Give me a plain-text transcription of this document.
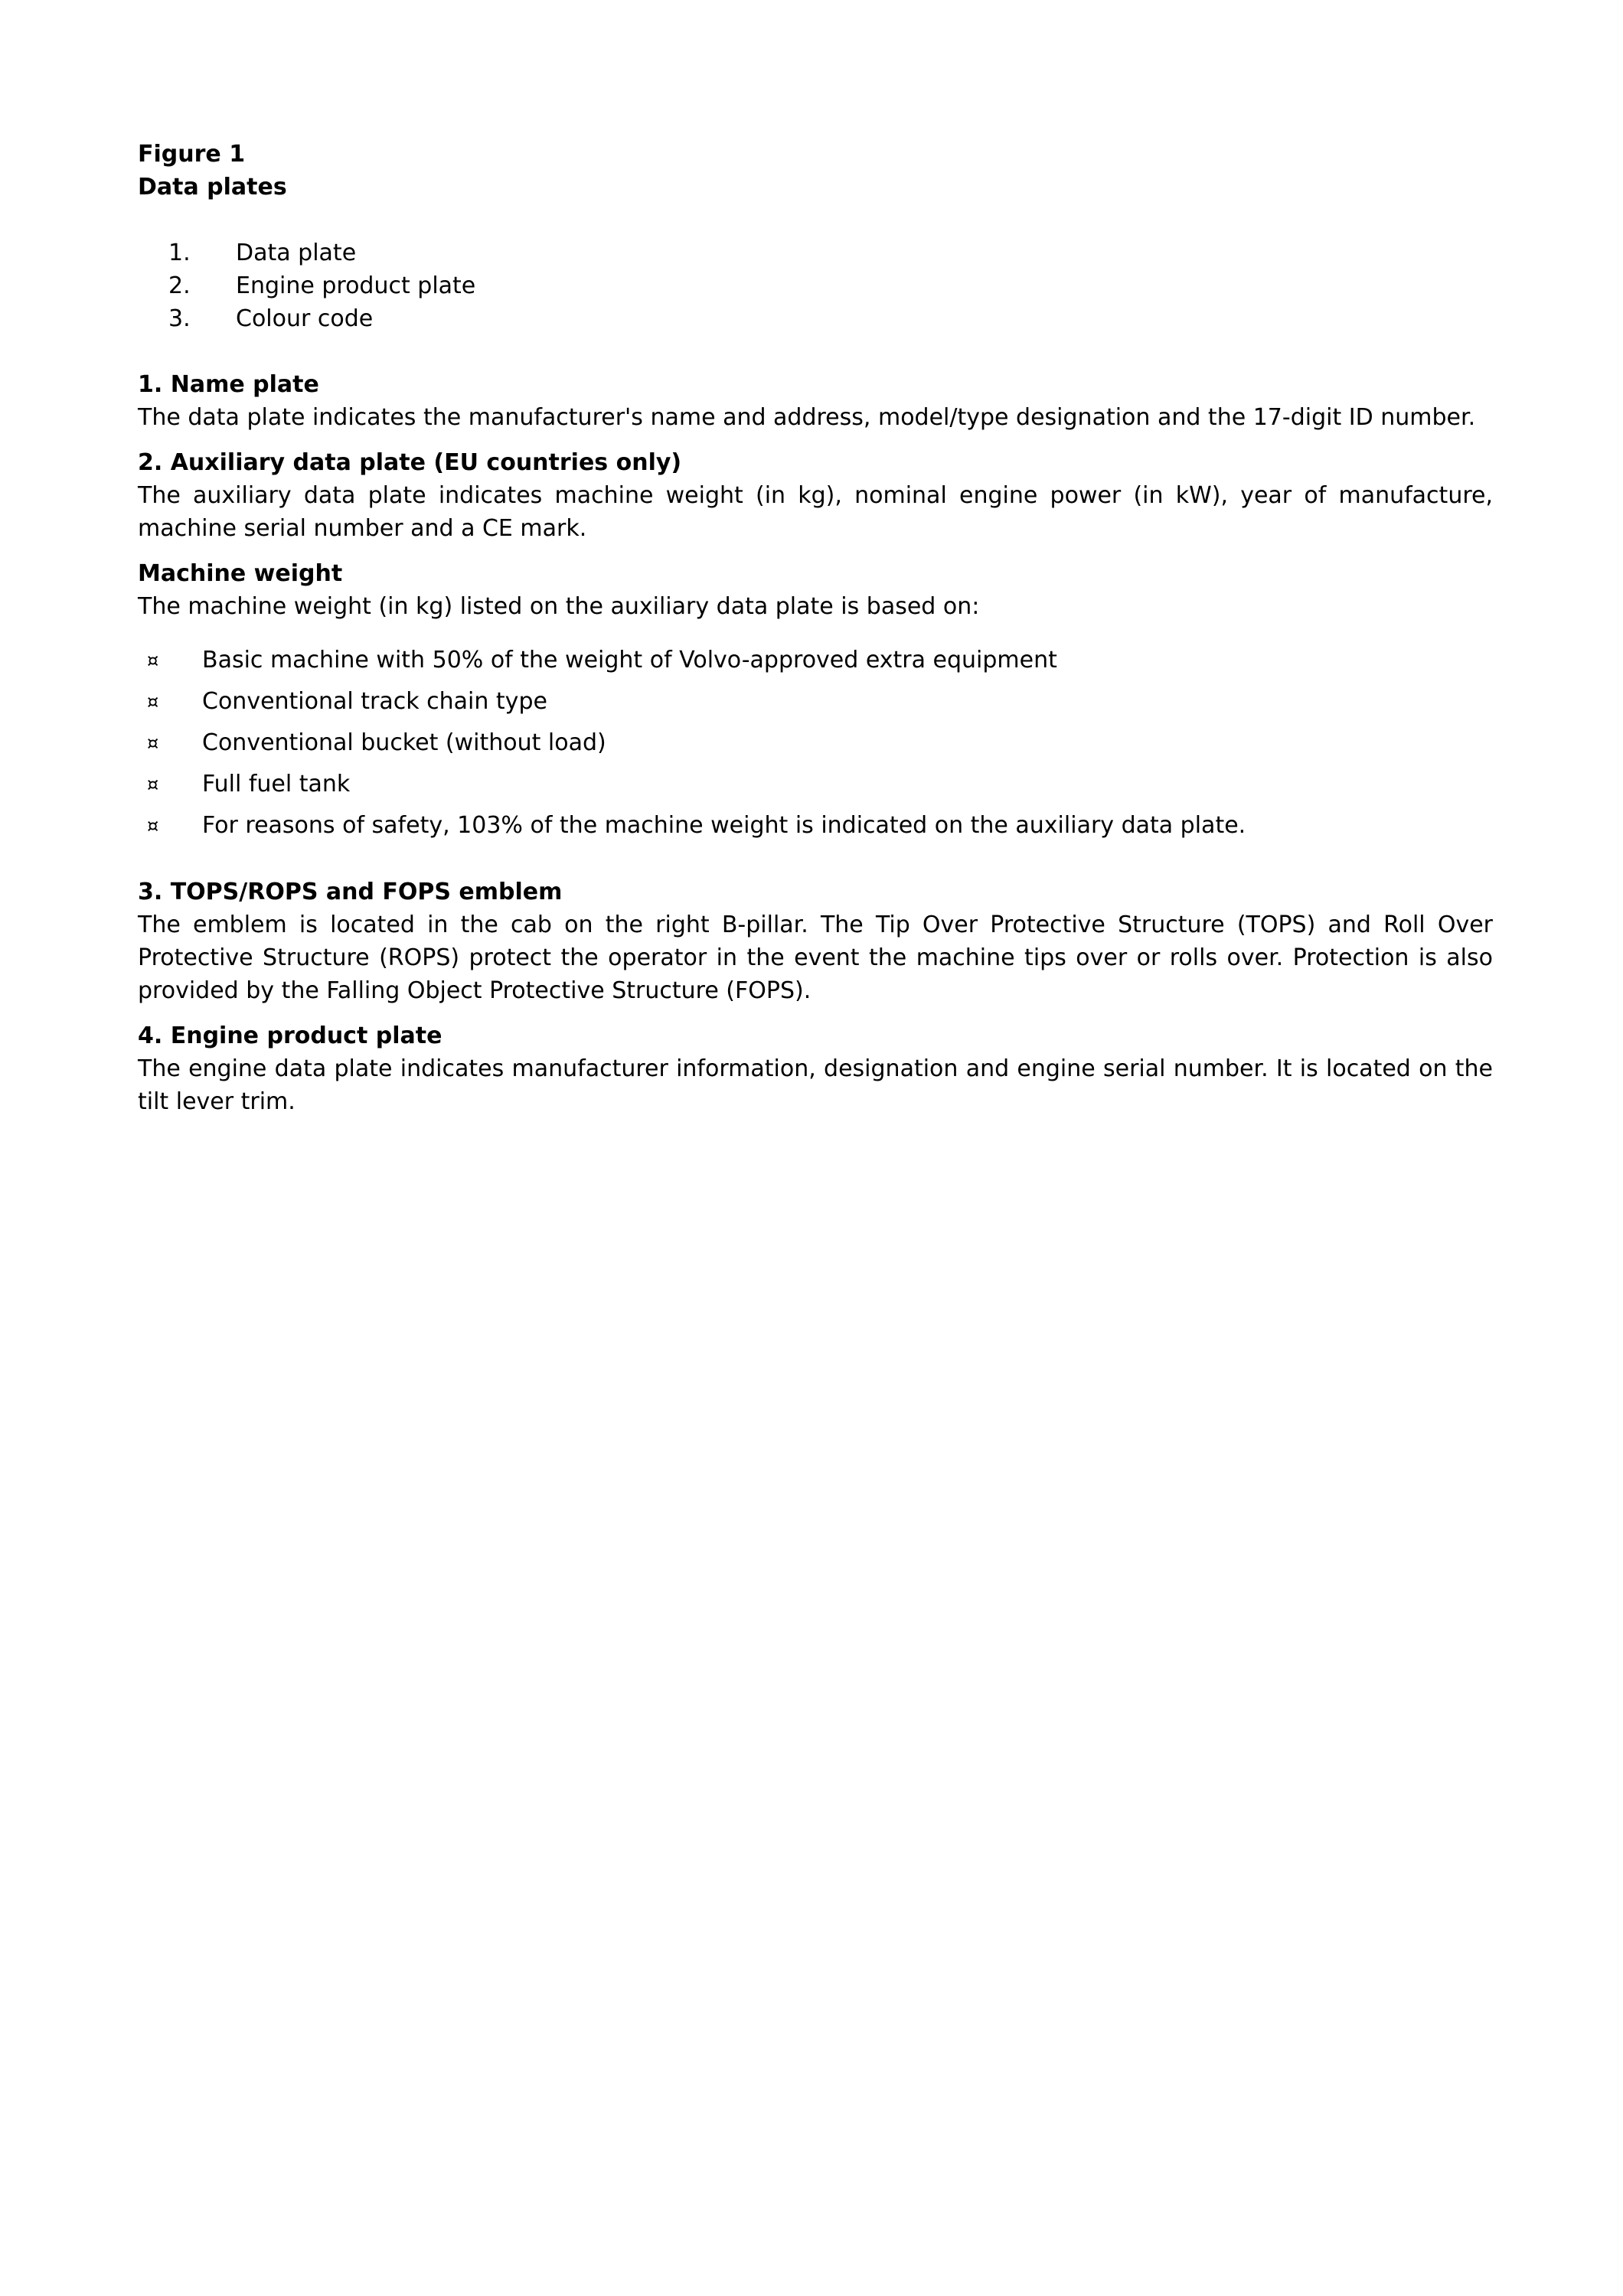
Figure 1

Data plates

1.	Data plate
2.	Engine product plate
3.	Colour code

1. Name plate

The data plate indicates the manufacturer's name and address, model/type designation and the 17-digit ID number.

2. Auxiliary data plate (EU countries only)

The auxiliary data plate indicates machine weight (in kg), nominal engine power (in kW), year of manufacture, machine serial number and a CE mark.

Machine weight

The machine weight (in kg) listed on the auxiliary data plate is based on:

¤	Basic machine with 50% of the weight of Volvo-approved extra equipment
¤	Conventional track chain type
¤	Conventional bucket (without load)
¤	Full fuel tank
¤	For reasons of safety, 103% of the machine weight is indicated on the auxiliary data plate.

3. TOPS/ROPS and FOPS emblem

The emblem is located in the cab on the right B-pillar. The Tip Over Protective Structure (TOPS) and Roll Over Protective Structure (ROPS) protect the operator in the event the machine tips over or rolls over. Protection is also provided by the Falling Object Protective Structure (FOPS).

4. Engine product plate

The engine data plate indicates manufacturer information, designation and engine serial number. It is located on the tilt lever trim.
